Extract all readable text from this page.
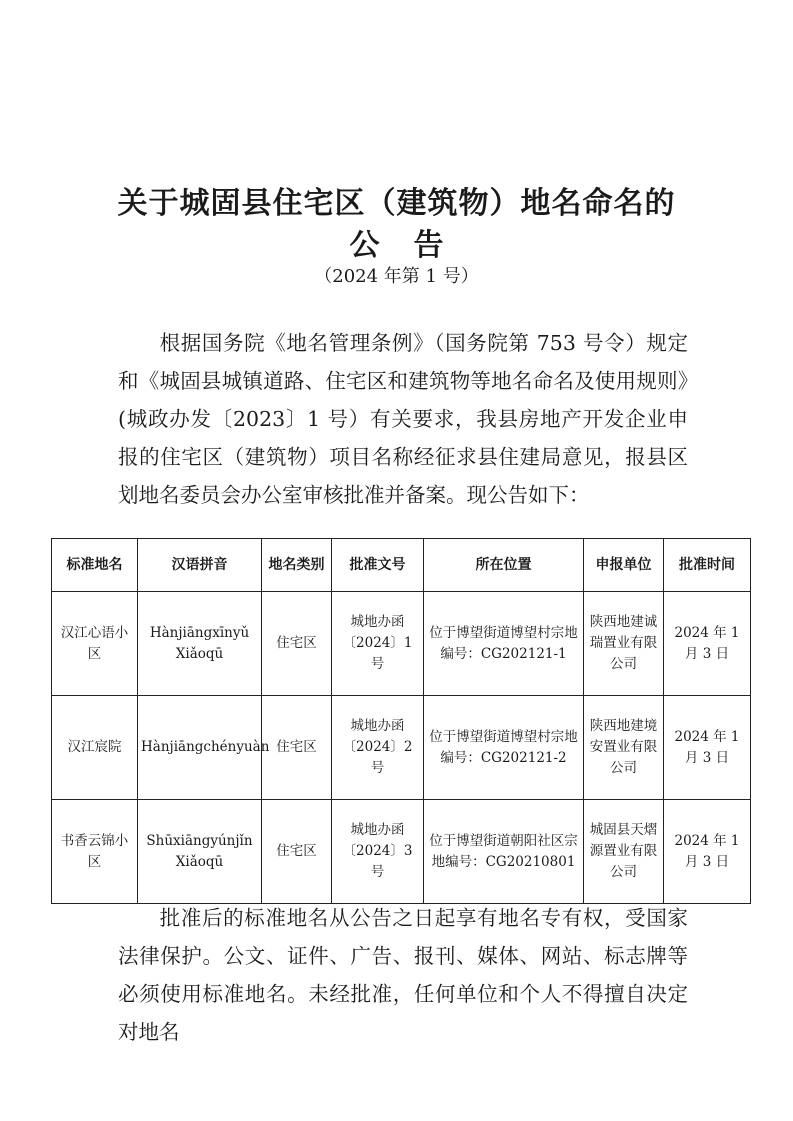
关于城固县住宅区（建筑物）地名命名的
公告
（2024 年第 1 号）
根据国务院《地名管理条例》（国务院第 753 号令）规定和《城固县城镇道路、住宅区和建筑物等地名命名及使用规则》(城政办发〔2023〕1 号）有关要求，我县房地产开发企业申报的住宅区（建筑物）项目名称经征求县住建局意见，报县区划地名委员会办公室审核批准并备案。现公告如下：
标准地名	汉语拼音	地名类别	批准文号	所在位置	申报单位	批准时间
汉江心语小区	Hànjiāngxīnyǔ Xiǎoqū	住宅区	城地办函〔2024〕1 号	位于博望街道博望村宗地编号：CG202121-1	陕西地建诚瑞置业有限公司	2024 年 1 月 3 日
汉江宸院	Hànjiāngchényuàn	住宅区	城地办函〔2024〕2 号	位于博望街道博望村宗地编号：CG202121-2	陕西地建境安置业有限公司	2024 年 1 月 3 日
书香云锦小区	Shūxiāngyúnjǐn Xiǎoqū	住宅区	城地办函〔2024〕3 号	位于博望街道朝阳社区宗地编号：CG20210801	城固县天熠源置业有限公司	2024 年 1 月 3 日
批准后的标准地名从公告之日起享有地名专有权，受国家法律保护。公文、证件、广告、报刊、媒体、网站、标志牌等必须使用标准地名。未经批准，任何单位和个人不得擅自决定对地名
